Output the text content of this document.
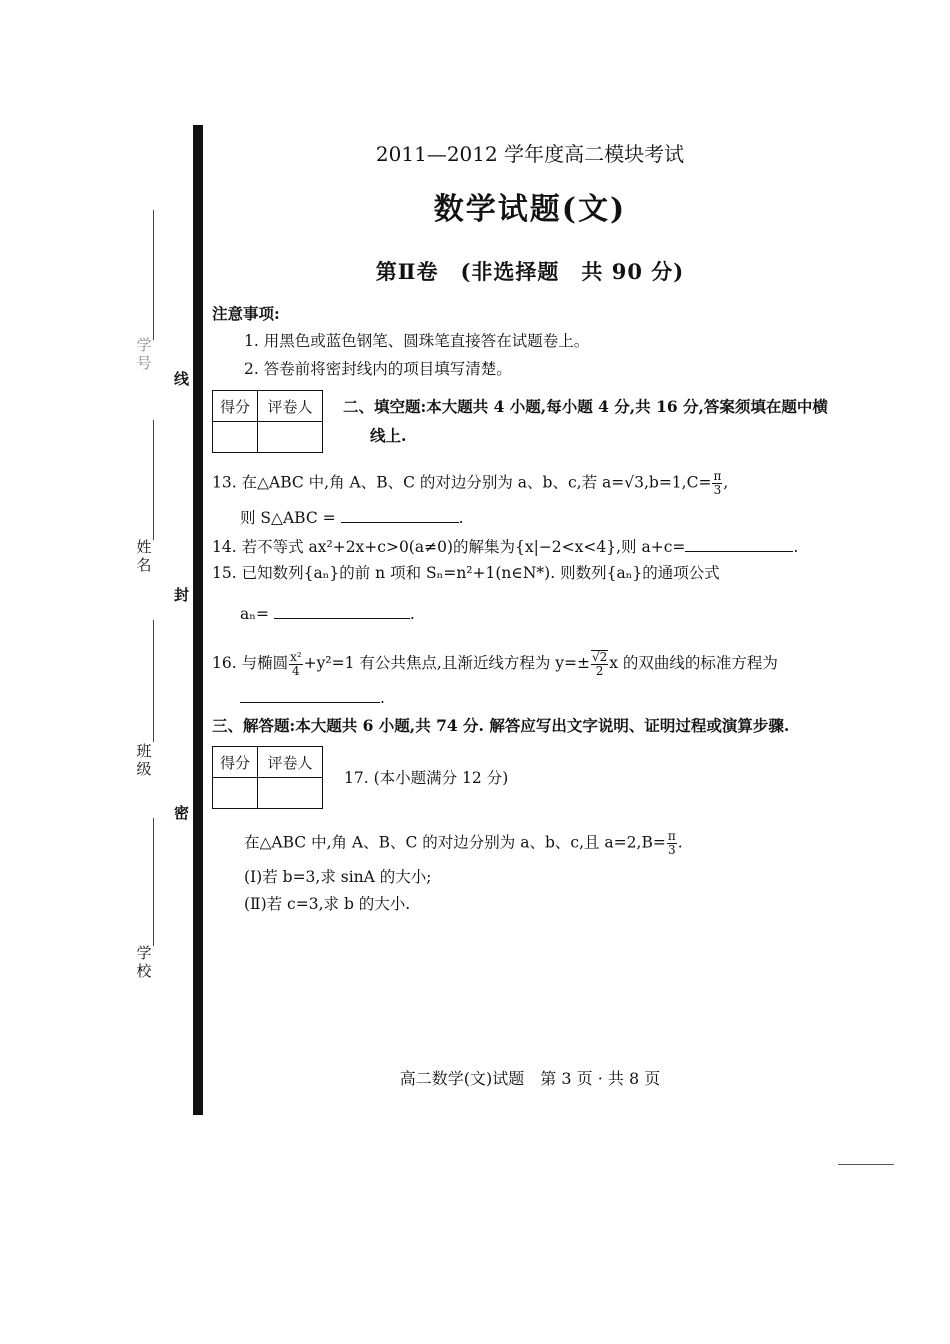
学号
姓名
班级
学校
线
封
密
2011—2012 学年度高二模块考试
数学试题(文)
第Ⅱ卷　(非选择题　共 90 分)
注意事项:
1. 用黑色或蓝色钢笔、圆珠笔直接答在试题卷上。
2. 答卷前将密封线内的项目填写清楚。
得分	评卷人
	二、填空题:本大题共 4 小题,每小题 4 分,共 16 分,答案须填在题中横
线上.
13. 在△ABC 中,角 A、B、C 的对边分别为 a、b、c,若 $a=√3,b=1,C= \frac{\pi}{3}$ ,
则 S△ABC =	.
14. 若不等式 ax²+2x+c>0(a≠0)的解集为{x|−2<x<4},则 a+c=	.
15. 已知数列{aₙ}的前 n 项和 Sₙ=n²+1(n∈N*). 则数列{aₙ}的通项公式
aₙ=	.
16. 与椭圆 $\frac{\text{x²}}{4} +y^2=1$ 有公共焦点,且渐近线方程为 $y=\pm \frac{√2}{2}$ x 的双曲线的标准方程为
.
三、解答题:本大题共 6 小题,共 74 分. 解答应写出文字说明、证明过程或演算步骤.
得分	评卷人

17. (本小题满分 12 分)
在△ABC 中,角 A、B、C 的对边分别为 a、b、c,且 $a=2,B= \frac{\pi}{3}$ .
(Ⅰ)若 b=3,求 sinA 的大小;
(Ⅱ)若 c=3,求 b 的大小.
高二数学(文)试题　第 3 页 · 共 8 页
